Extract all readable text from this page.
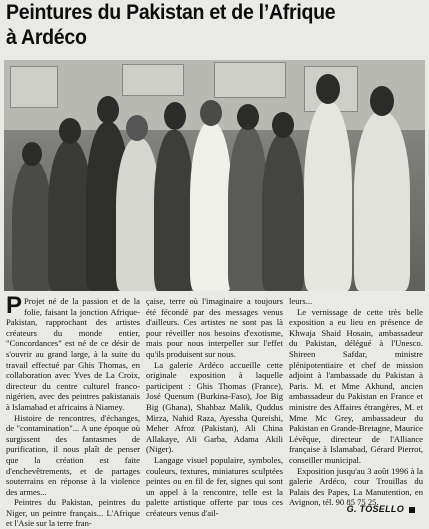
Peintures du Pakistan et de l’Afrique
à Ardéco

P Projet né de la passion et de la folie, faisant la jonction Afrique-Pakistan, rapprochant des artistes créateurs du monde entier, "Concordances" est né de ce désir de s'ouvrir au grand large, à la suite du travail effectué par Ghis Thomas, en collaboration avec Yves de La Croix, directeur du centre culturel franco-nigérien, avec des peintres pakistanais à Islamabad et africains à Niamey.

Histoire de rencontres, d'échanges, de "contamination"... A une époque où surgissent des fantasmes de purification, il nous plaît de penser que la création est faite d'enchevêtrements, et de partages souterrains en réponse à la violence des armes...

Peintres du Pakistan, peintres du Niger, un peintre français... L'Afrique et l'Asie sur la terre fran-

çaise, terre où l'imaginaire a toujours été fécondé par des messages venus d'ailleurs. Ces artistes ne sont pas là pour réveiller nos besoins d'exotisme, mais pour nous interpeller sur l'effet qu'ils produisent sur nous.

La galerie Ardéco accueille cette originale exposition à laquelle participent : Ghis Thomas (France), José Quenum (Burkina-Faso), Joe Big Big (Ghana), Shahbaz Malik, Quddus Mirza, Nahid Raza, Ayessha Qureishi, Meher Afroz (Pakistan), Ali China Allakaye, Ali Garba, Adama Akili (Niger).

Langage visuel populaire, symboles, couleurs, textures, miniatures sculptées peintes ou en fil de fer, signes qui sont un appel à la rencontre, telle est la palette artistique offerte par tous ces créateurs venus d'ail-

leurs...

Le vernissage de cette très belle exposition a eu lieu en présence de Khwaja Shaid Hosain, ambassadeur du Pakistan, délégué à l'Unesco. Shireen Safdar, ministre plénipotentiaire et chef de mission adjoint à l'ambassade du Pakistan à Paris. M. et Mme Akhund, ancien ambassadeur du Pakistan en France et ministre des Affaires étrangères, M. et Mme Mc Grey, ambassadeur du Pakistan en Grande-Bretagne, Maurice Lévêque, directeur de l'Alliance française à Islamabad, Gérard Pierrot, conseiller municipal.

Exposition jusqu'au 3 août 1996 à la galerie Ardéco, cour Trouillas du Palais des Papes, La Manutention, en Avignon, tél. 90 85 75 25.

G. TOSELLO
